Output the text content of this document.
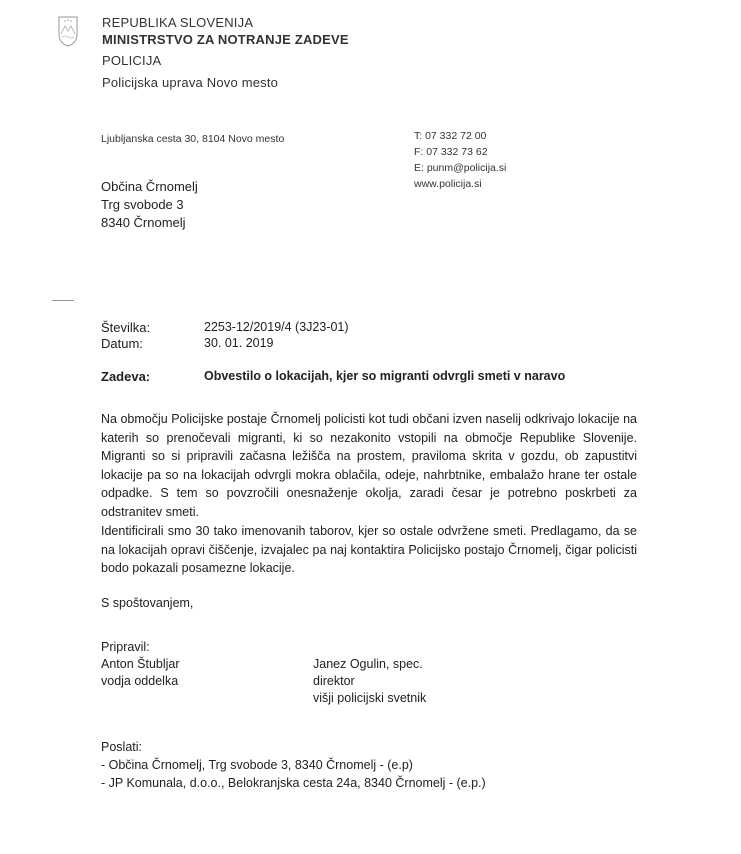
REPUBLIKA SLOVENIJA
MINISTRSTVO ZA NOTRANJE ZADEVE
POLICIJA
Policijska uprava Novo mesto
Ljubljanska cesta 30, 8104 Novo mesto	T: 07 332 72 00
F: 07 332 73 62
E: punm@policija.si
www.policija.si
Občina Črnomelj
Trg svobode 3
8340 Črnomelj
Številka:	2253-12/2019/4 (3J23-01)
Datum:	30. 01. 2019
Zadeva:	Obvestilo o lokacijah, kjer so migranti odvrgli smeti v naravo
Na območju Policijske postaje Črnomelj policisti kot tudi občani izven naselij odkrivajo lokacije na katerih so prenočevali migranti, ki so nezakonito vstopili na območje Republike Slovenije. Migranti so si pripravili začasna ležišča na prostem, praviloma skrita v gozdu, ob zapustitvi lokacije pa so na lokacijah odvrgli mokra oblačila, odeje, nahrbtnike, embalažo hrane ter ostale odpadke. S tem so povzročili onesnaženje okolja, zaradi česar je potrebno poskrbeti za odstranitev smeti.
Identificirali smo 30 tako imenovanih taborov, kjer so ostale odvržene smeti. Predlagamo, da se na lokacijah opravi čiščenje, izvajalec pa naj kontaktira Policijsko postajo Črnomelj, čigar policisti bodo pokazali posamezne lokacije.
S spoštovanjem,
Pripravil:
Anton Štubljar
vodja oddelka
Janez Ogulin, spec.
direktor
višji policijski svetnik
Poslati:
- Občina Črnomelj, Trg svobode 3, 8340 Črnomelj - (e.p)
- JP Komunala, d.o.o., Belokranjska cesta 24a, 8340 Črnomelj - (e.p.)
